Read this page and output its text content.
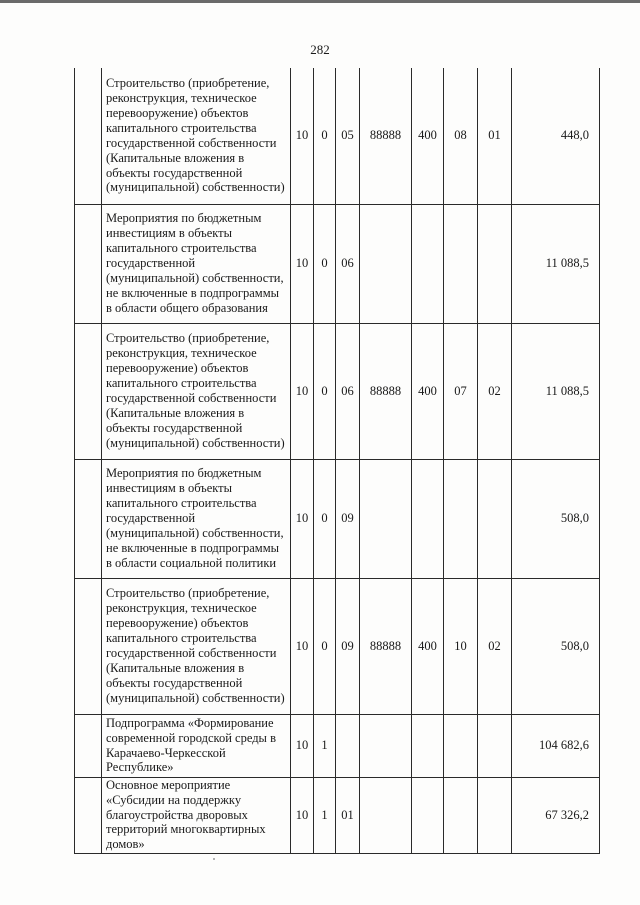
282
	Строительство (приобретение, реконструкция, техническое перевооружение) объектов капитального строительства государственной собственности (Капитальные вложения в объекты государственной (муниципальной) собственности)	10	0	05	88888	400	08	01	448,0
	Мероприятия по бюджетным инвестициям в объекты капитального строительства государственной (муниципальной) собственности, не включенные в подпрограммы в области общего образования	10	0	06					11 088,5
	Строительство (приобретение, реконструкция, техническое перевооружение) объектов капитального строительства государственной собственности (Капитальные вложения в объекты государственной (муниципальной) собственности)	10	0	06	88888	400	07	02	11 088,5
	Мероприятия по бюджетным инвестициям в объекты капитального строительства государственной (муниципальной) собственности, не включенные в подпрограммы в области социальной политики	10	0	09					508,0
	Строительство (приобретение, реконструкция, техническое перевооружение) объектов капитального строительства государственной собственности (Капитальные вложения в объекты государственной (муниципальной) собственности)	10	0	09	88888	400	10	02	508,0
	Подпрограмма «Формирование современной городской среды в Карачаево-Черкесской Республике»	10	1						104 682,6
	Основное мероприятие «Субсидии на поддержку благоустройства дворовых территорий многоквартирных домов»	10	1	01					67 326,2
